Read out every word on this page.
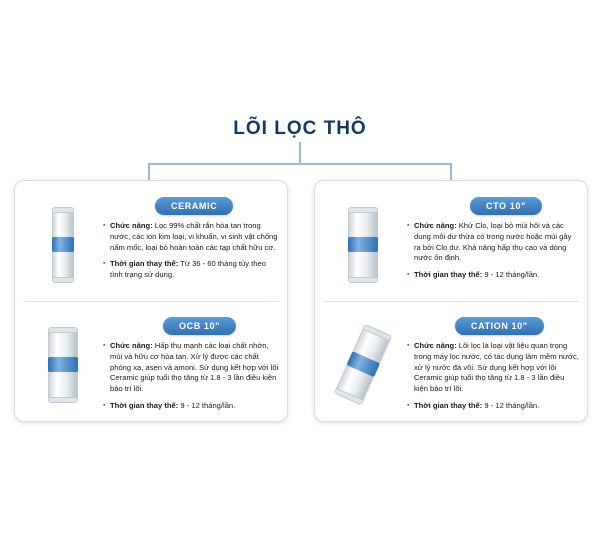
LÕI LỌC THÔ
CERAMIC

▪ Chức năng: Lọc 99% chất rắn hòa tan trong nước, các ion kim loại, vi khuẩn, vi sinh vật chống nấm mốc, loại bỏ hoàn toàn các tạp chất hữu cơ.

▪ Thời gian thay thế: Từ 36 - 60 tháng tùy theo tình trạng sử dụng.

OCB 10"

▪ Chức năng: Hấp thụ mạnh các loại chất nhờn, mùi và hữu cơ hòa tan. Xử lý được các chất phóng xạ, asen và amoni. Sử dụng kết hợp với lõi Ceramic giúp tuổi thọ tăng từ 1.8 - 3 lần điều kiện bảo trì lõi.

▪ Thời gian thay thế: 9 - 12 tháng/lần.

CTO 10"

▪ Chức năng: Khử Clo, loại bỏ mùi hôi và các dung môi dư thừa có trong nước hoặc mùi gây ra bởi Clo dư. Khả năng hấp thụ cao và dòng nước ổn định.

▪ Thời gian thay thế: 9 - 12 tháng/lần.

CATION 10"

▪ Chức năng: Lõi lọc là loại vật liệu quan trọng trong máy lọc nước, có tác dụng làm mềm nước, xử lý nước đá vôi. Sử dụng kết hợp với lõi Ceramic giúp tuổi thọ tăng từ 1.8 - 3 lần điều kiện bảo trì lõi.

▪ Thời gian thay thế: 9 - 12 tháng/lần.
